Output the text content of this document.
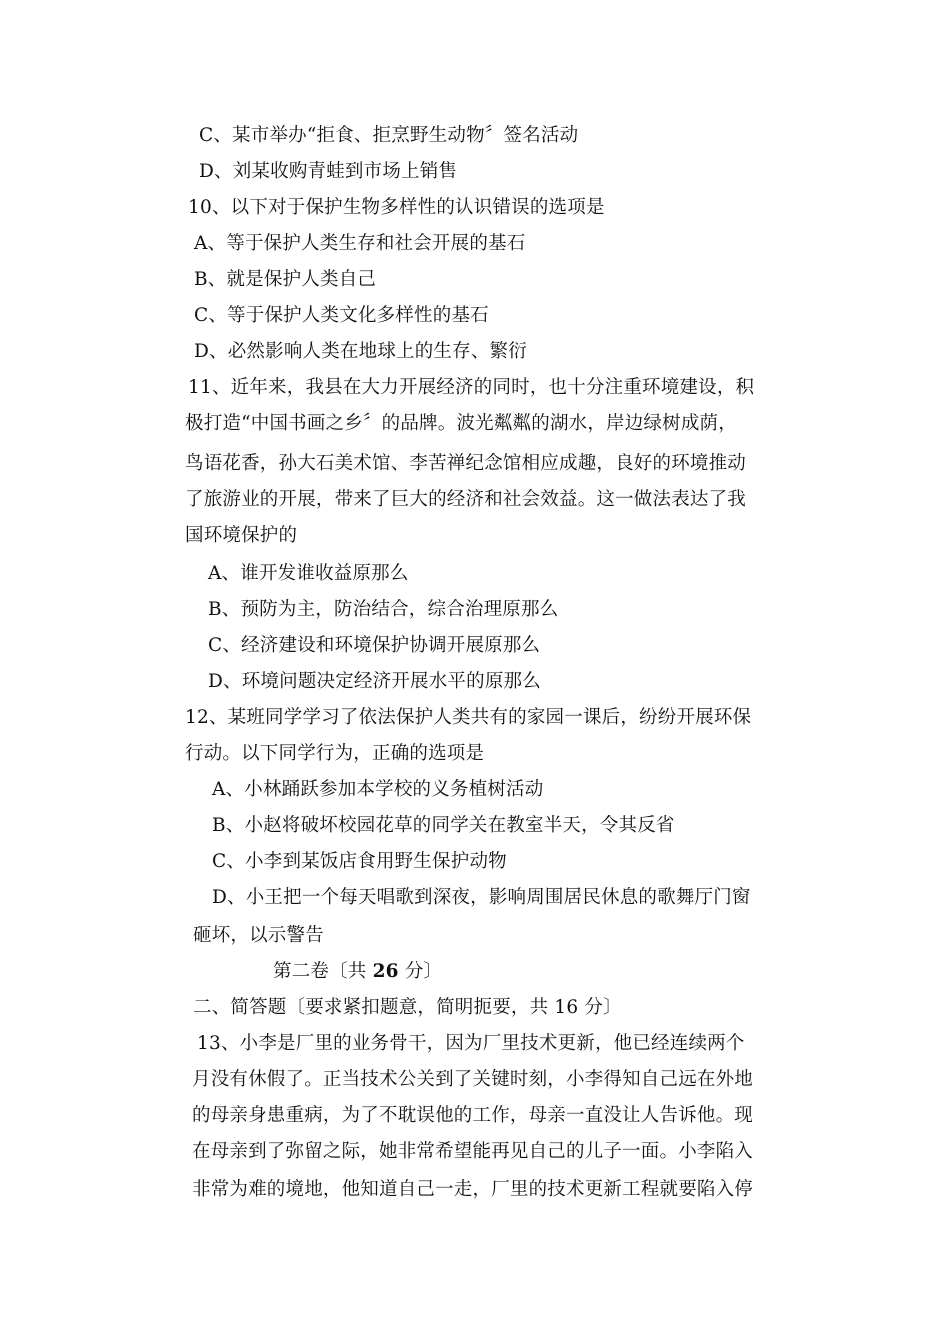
C、某市举办“拒食、拒烹野生动物〞签名活动
D、刘某收购青蛙到市场上销售
10、以下对于保护生物多样性的认识错误的选项是
A、等于保护人类生存和社会开展的基石
B、就是保护人类自己
C、等于保护人类文化多样性的基石
D、必然影响人类在地球上的生存、繁衍
11、近年来，我县在大力开展经济的同时，也十分注重环境建设，积
极打造“中国书画之乡〞的品牌。波光粼粼的湖水，岸边绿树成荫，
鸟语花香，孙大石美术馆、李苦禅纪念馆相应成趣，良好的环境推动
了旅游业的开展，带来了巨大的经济和社会效益。这一做法表达了我
国环境保护的
A、谁开发谁收益原那么
B、预防为主，防治结合，综合治理原那么
C、经济建设和环境保护协调开展原那么
D、环境问题决定经济开展水平的原那么
12、某班同学学习了依法保护人类共有的家园一课后，纷纷开展环保
行动。以下同学行为，正确的选项是
A、小林踊跃参加本学校的义务植树活动
B、小赵将破坏校园花草的同学关在教室半天，令其反省
C、小李到某饭店食用野生保护动物
D、小王把一个每天唱歌到深夜，影响周围居民休息的歌舞厅门窗
砸坏，以示警告
第二卷〔共 26 分〕
二、简答题〔要求紧扣题意，简明扼要，共 16 分〕
13、小李是厂里的业务骨干，因为厂里技术更新，他已经连续两个
月没有休假了。正当技术公关到了关键时刻，小李得知自己远在外地
的母亲身患重病，为了不耽误他的工作，母亲一直没让人告诉他。现
在母亲到了弥留之际，她非常希望能再见自己的儿子一面。小李陷入
非常为难的境地，他知道自己一走，厂里的技术更新工程就要陷入停
